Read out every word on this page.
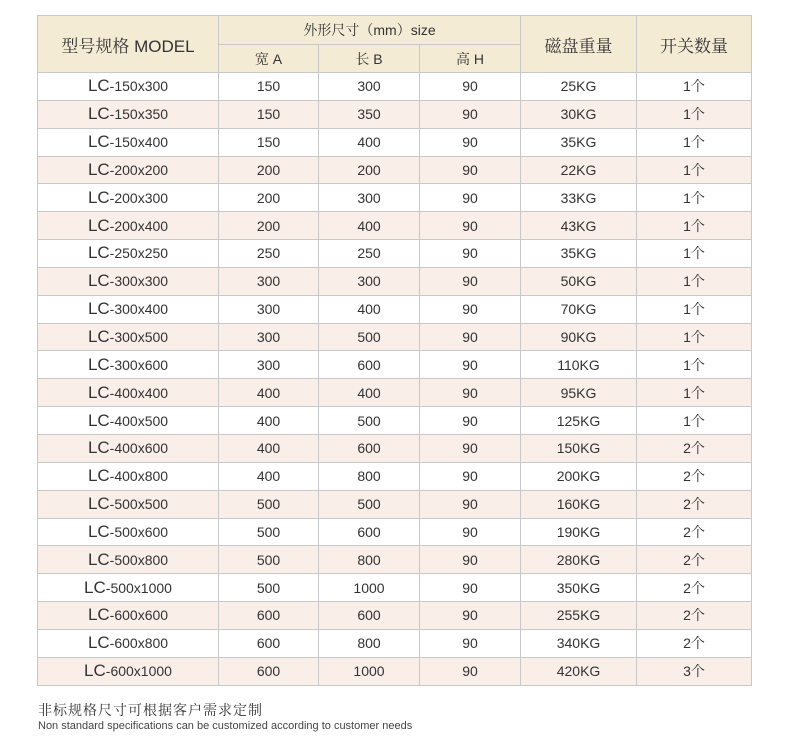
型号规格 MODEL	外形尺寸（mm）size			磁盘重量	开关数量
	宽 A	长 B	高 H		
LC-150x300	150	300	90	25KG	1个
LC-150x350	150	350	90	30KG	1个
LC-150x400	150	400	90	35KG	1个
LC-200x200	200	200	90	22KG	1个
LC-200x300	200	300	90	33KG	1个
LC-200x400	200	400	90	43KG	1个
LC-250x250	250	250	90	35KG	1个
LC-300x300	300	300	90	50KG	1个
LC-300x400	300	400	90	70KG	1个
LC-300x500	300	500	90	90KG	1个
LC-300x600	300	600	90	110KG	1个
LC-400x400	400	400	90	95KG	1个
LC-400x500	400	500	90	125KG	1个
LC-400x600	400	600	90	150KG	2个
LC-400x800	400	800	90	200KG	2个
LC-500x500	500	500	90	160KG	2个
LC-500x600	500	600	90	190KG	2个
LC-500x800	500	800	90	280KG	2个
LC-500x1000	500	1000	90	350KG	2个
LC-600x600	600	600	90	255KG	2个
LC-600x800	600	800	90	340KG	2个
LC-600x1000	600	1000	90	420KG	3个
非标规格尺寸可根据客户需求定制
Non standard specifications can be customized according to customer needs
